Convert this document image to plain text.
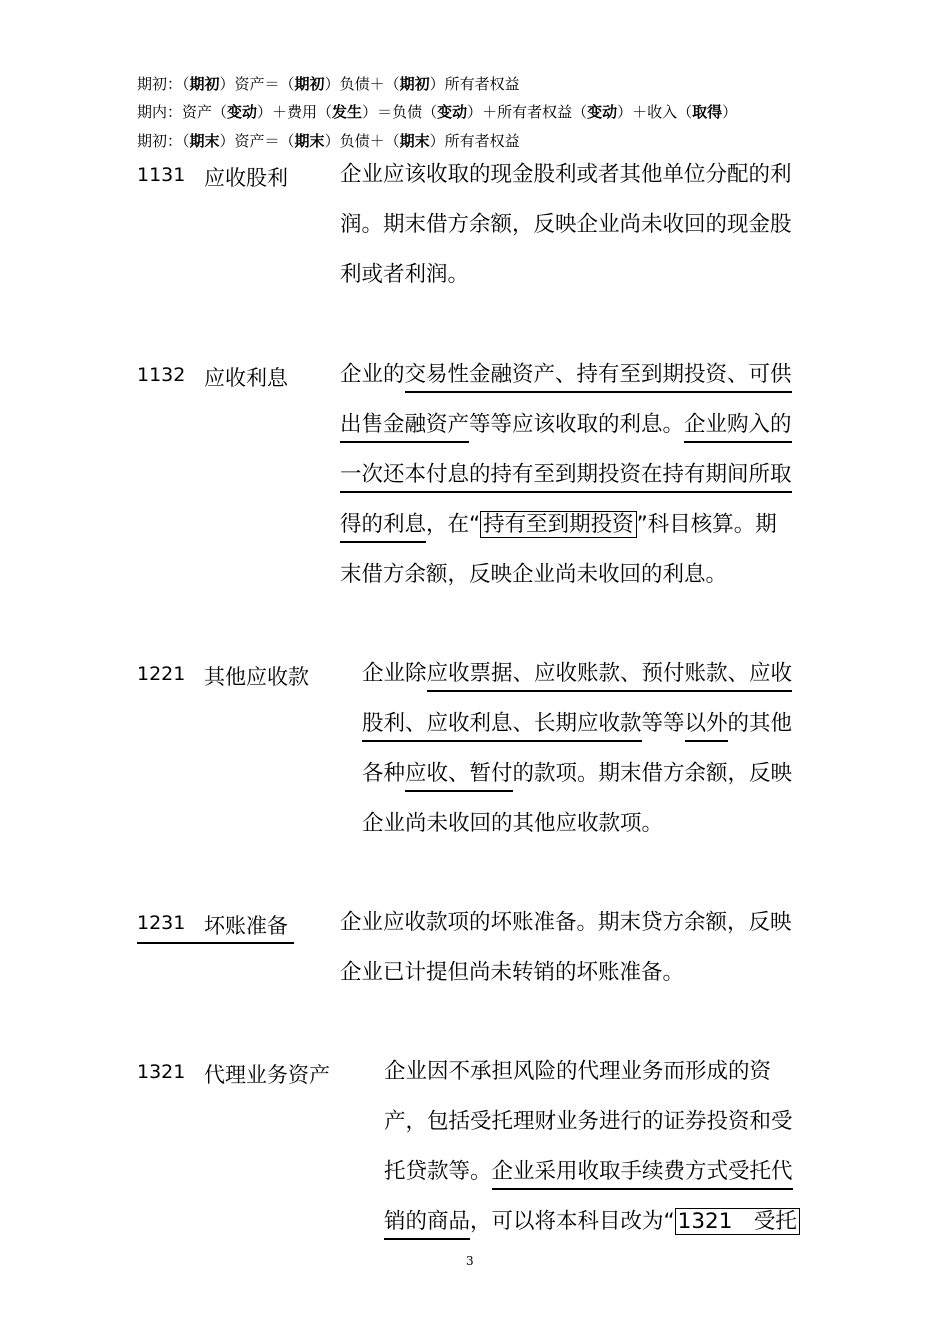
期初：（期初）资产＝（期初）负债＋（期初）所有者权益
期内：资产（变动）＋费用（发生）＝负债（变动）＋所有者权益（变动）＋收入（取得）
期初：（期末）资产＝（期末）负债＋（期末）所有者权益
1131 应收股利 企业应该收取的现金股利或者其他单位分配的利
润。期末借方余额，反映企业尚未收回的现金股
利或者利润。
1132 应收利息 企业的交易性金融资产、持有至到期投资、可供
出售金融资产等等应该收取的利息。企业购入的
一次还本付息的持有至到期投资在持有期间所取
得的利息，在“ 持有至到期投资 ”科目核算。期
末借方余额，反映企业尚未收回的利息。
1221 其他应收款 企业除应收票据、应收账款、预付账款、应收
股利、应收利息、长期应收款等等以外的其他
各种应收、暂付的款项。期末借方余额，反映
企业尚未收回的其他应收款项。
1231 坏账准备 企业应收款项的坏账准备。期末贷方余额，反映
企业已计提但尚未转销的坏账准备。
1321 代理业务资产	企业因不承担风险的代理业务而形成的资
产，包括受托理财业务进行的证券投资和受
托贷款等。企业采用收取手续费方式受托代
销的商品，可以将本科目改为“ 1321　受托
3
